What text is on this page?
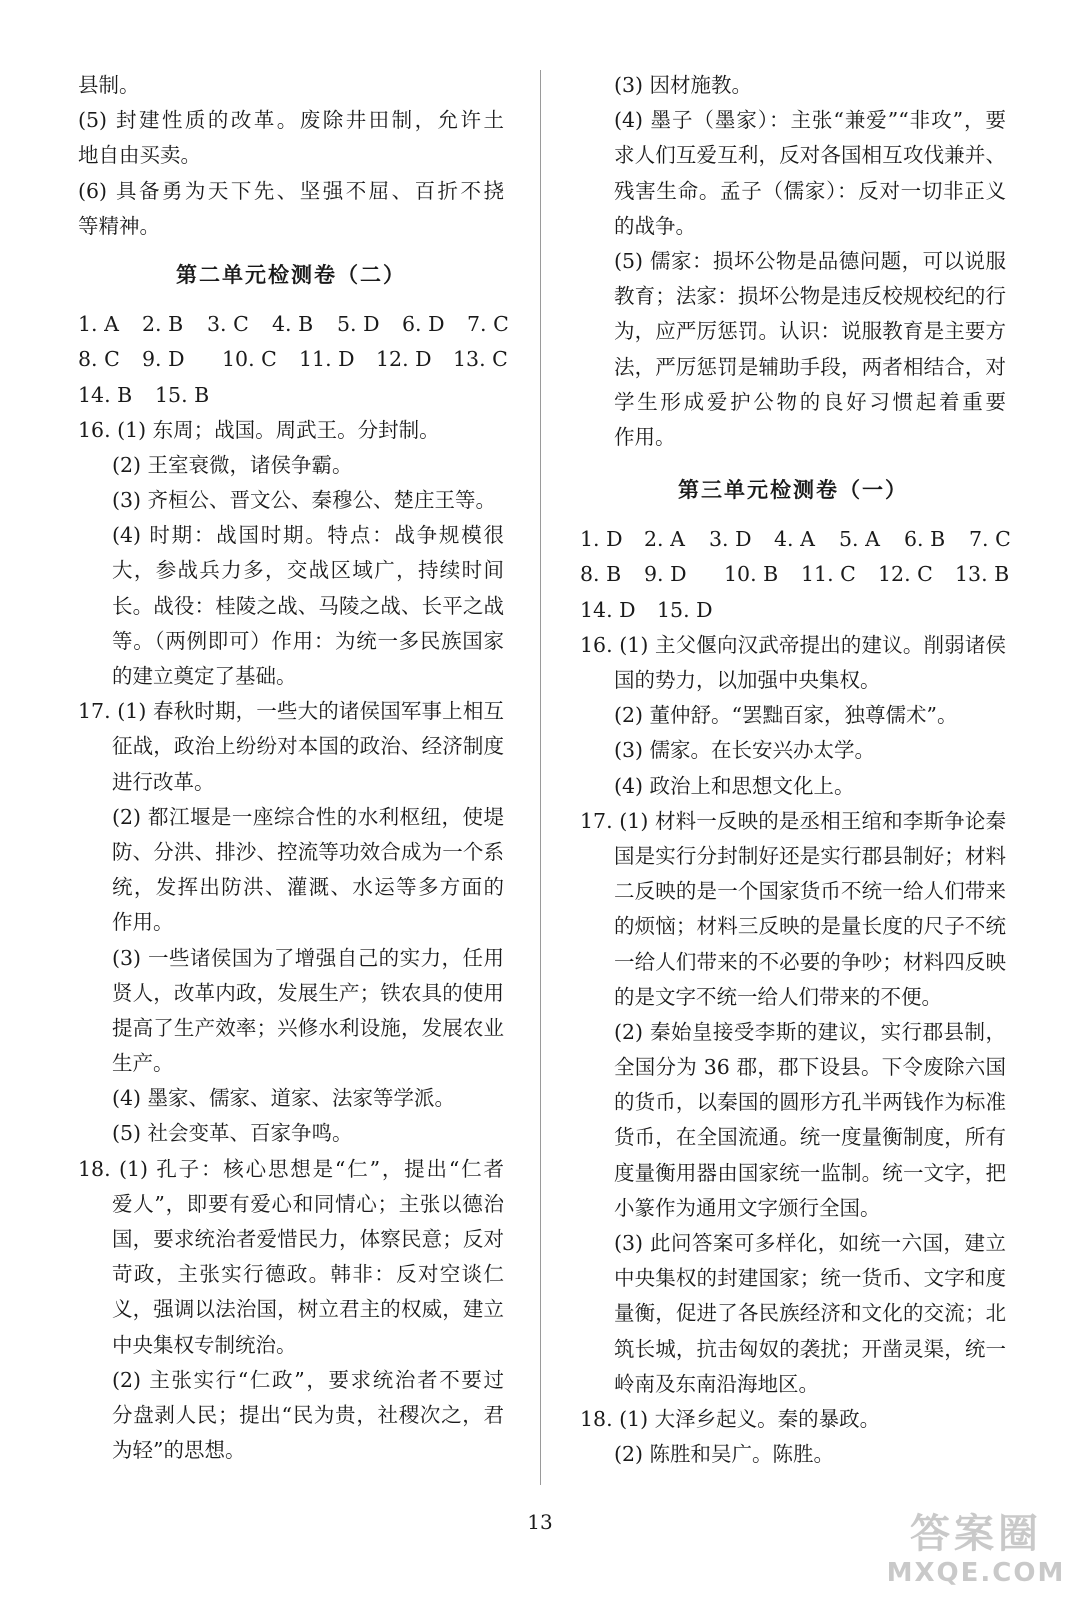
县制。
(5) 封建性质的改革。废除井田制，允许土
地自由买卖。
(6) 具备勇为天下先、坚强不屈、百折不挠
等精神。
第二单元检测卷（二）
1. A 2. B 3. C 4. B 5. D 6. D 7. C
8. C 9. D 10. C 11. D 12. D 13. C
14. B 15. B
16. (1) 东周；战国。周武王。分封制。
(2) 王室衰微，诸侯争霸。
(3) 齐桓公、晋文公、秦穆公、楚庄王等。
(4) 时期：战国时期。特点：战争规模很
大，参战兵力多，交战区域广，持续时间
长。战役：桂陵之战、马陵之战、长平之战
等。（两例即可）作用：为统一多民族国家
的建立奠定了基础。
17. (1) 春秋时期，一些大的诸侯国军事上相互
征战，政治上纷纷对本国的政治、经济制度
进行改革。
(2) 都江堰是一座综合性的水利枢纽，使堤
防、分洪、排沙、控流等功效合成为一个系
统，发挥出防洪、灌溉、水运等多方面的
作用。
(3) 一些诸侯国为了增强自己的实力，任用
贤人，改革内政，发展生产；铁农具的使用
提高了生产效率；兴修水利设施，发展农业
生产。
(4) 墨家、儒家、道家、法家等学派。
(5) 社会变革、百家争鸣。
18. (1) 孔子：核心思想是“仁”，提出“仁者
爱人”，即要有爱心和同情心；主张以德治
国，要求统治者爱惜民力，体察民意；反对
苛政，主张实行德政。韩非：反对空谈仁
义，强调以法治国，树立君主的权威，建立
中央集权专制统治。
(2) 主张实行“仁政”，要求统治者不要过
分盘剥人民；提出“民为贵，社稷次之，君
为轻”的思想。
(3) 因材施教。
(4) 墨子（墨家）：主张“兼爱”“非攻”，要
求人们互爱互利，反对各国相互攻伐兼并、
残害生命。孟子（儒家）：反对一切非正义
的战争。
(5) 儒家：损坏公物是品德问题，可以说服
教育；法家：损坏公物是违反校规校纪的行
为，应严厉惩罚。认识：说服教育是主要方
法，严厉惩罚是辅助手段，两者相结合，对
学生形成爱护公物的良好习惯起着重要
作用。
第三单元检测卷（一）
1. D 2. A 3. D 4. A 5. A 6. B 7. C
8. B 9. D 10. B 11. C 12. C 13. B
14. D 15. D
16. (1) 主父偃向汉武帝提出的建议。削弱诸侯
国的势力，以加强中央集权。
(2) 董仲舒。“罢黜百家，独尊儒术”。
(3) 儒家。在长安兴办太学。
(4) 政治上和思想文化上。
17. (1) 材料一反映的是丞相王绾和李斯争论秦
国是实行分封制好还是实行郡县制好；材料
二反映的是一个国家货币不统一给人们带来
的烦恼；材料三反映的是量长度的尺子不统
一给人们带来的不必要的争吵；材料四反映
的是文字不统一给人们带来的不便。
(2) 秦始皇接受李斯的建议，实行郡县制，
全国分为 36 郡，郡下设县。下令废除六国
的货币，以秦国的圆形方孔半两钱作为标准
货币，在全国流通。统一度量衡制度，所有
度量衡用器由国家统一监制。统一文字，把
小篆作为通用文字颁行全国。
(3) 此问答案可多样化，如统一六国，建立
中央集权的封建国家；统一货币、文字和度
量衡，促进了各民族经济和文化的交流；北
筑长城，抗击匈奴的袭扰；开凿灵渠，统一
岭南及东南沿海地区。
18. (1) 大泽乡起义。秦的暴政。
(2) 陈胜和吴广。陈胜。
13	答案圈
MXQE.COM
